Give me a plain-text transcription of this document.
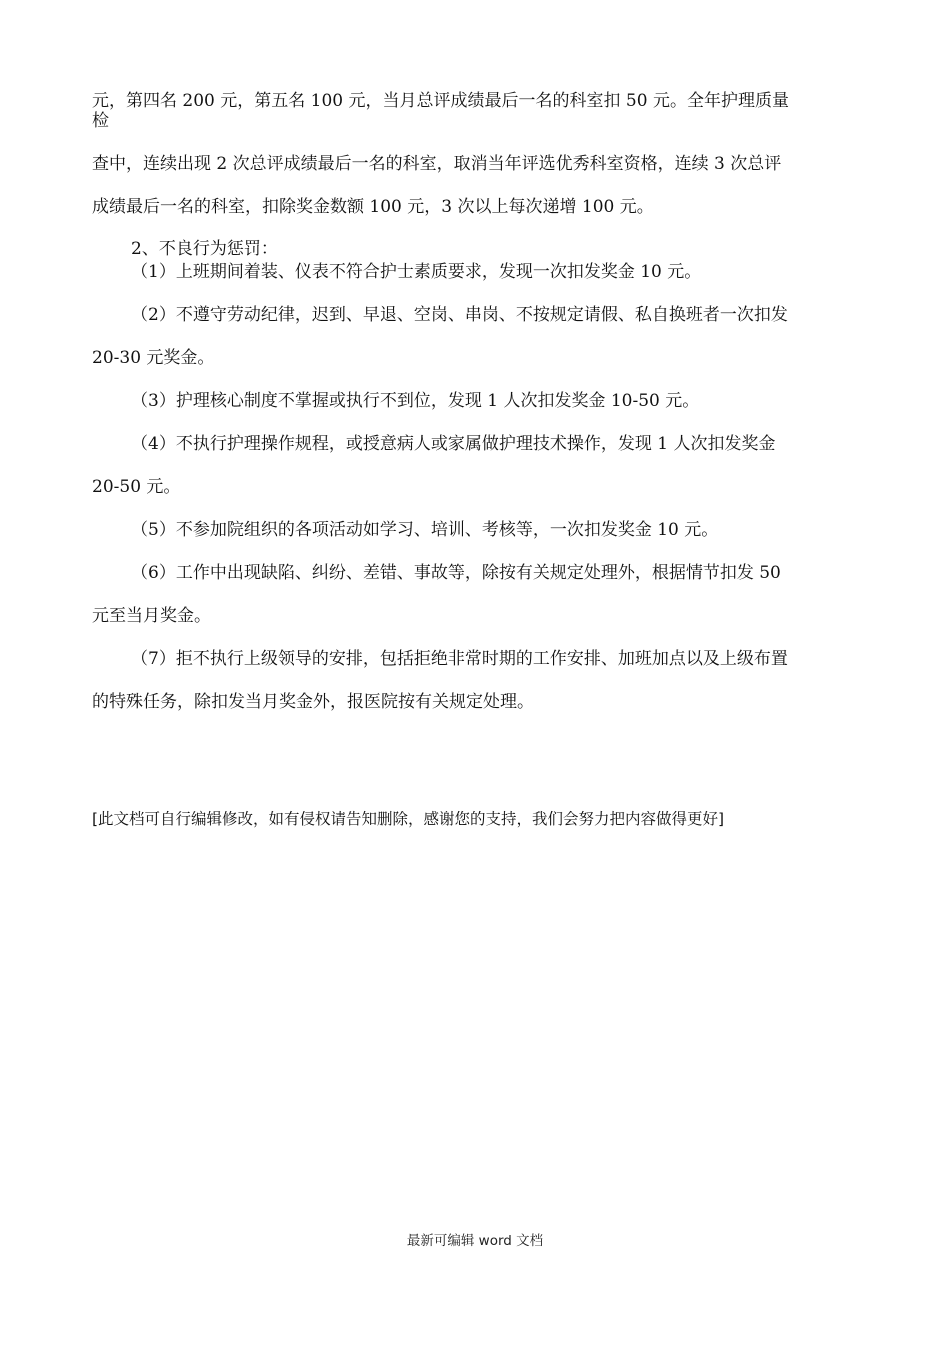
元，第四名 200 元，第五名 100 元，当月总评成绩最后一名的科室扣 50 元。全年护理质量
检
查中，连续出现 2 次总评成绩最后一名的科室，取消当年评选优秀科室资格，连续 3 次总评
成绩最后一名的科室，扣除奖金数额 100 元，3 次以上每次递增 100 元。
2、不良行为惩罚：
（1）上班期间着装、仪表不符合护士素质要求，发现一次扣发奖金 10 元。
（2）不遵守劳动纪律，迟到、早退、空岗、串岗、不按规定请假、私自换班者一次扣发
20-30 元奖金。
（3）护理核心制度不掌握或执行不到位，发现 1 人次扣发奖金 10-50 元。
（4）不执行护理操作规程，或授意病人或家属做护理技术操作，发现 1 人次扣发奖金
20-50 元。
（5）不参加院组织的各项活动如学习、培训、考核等，一次扣发奖金 10 元。
（6）工作中出现缺陷、纠纷、差错、事故等，除按有关规定处理外，根据情节扣发 50
元至当月奖金。
（7）拒不执行上级领导的安排，包括拒绝非常时期的工作安排、加班加点以及上级布置
的特殊任务，除扣发当月奖金外，报医院按有关规定处理。
[此文档可自行编辑修改，如有侵权请告知删除，感谢您的支持，我们会努力把内容做得更好]
最新可编辑 word 文档
